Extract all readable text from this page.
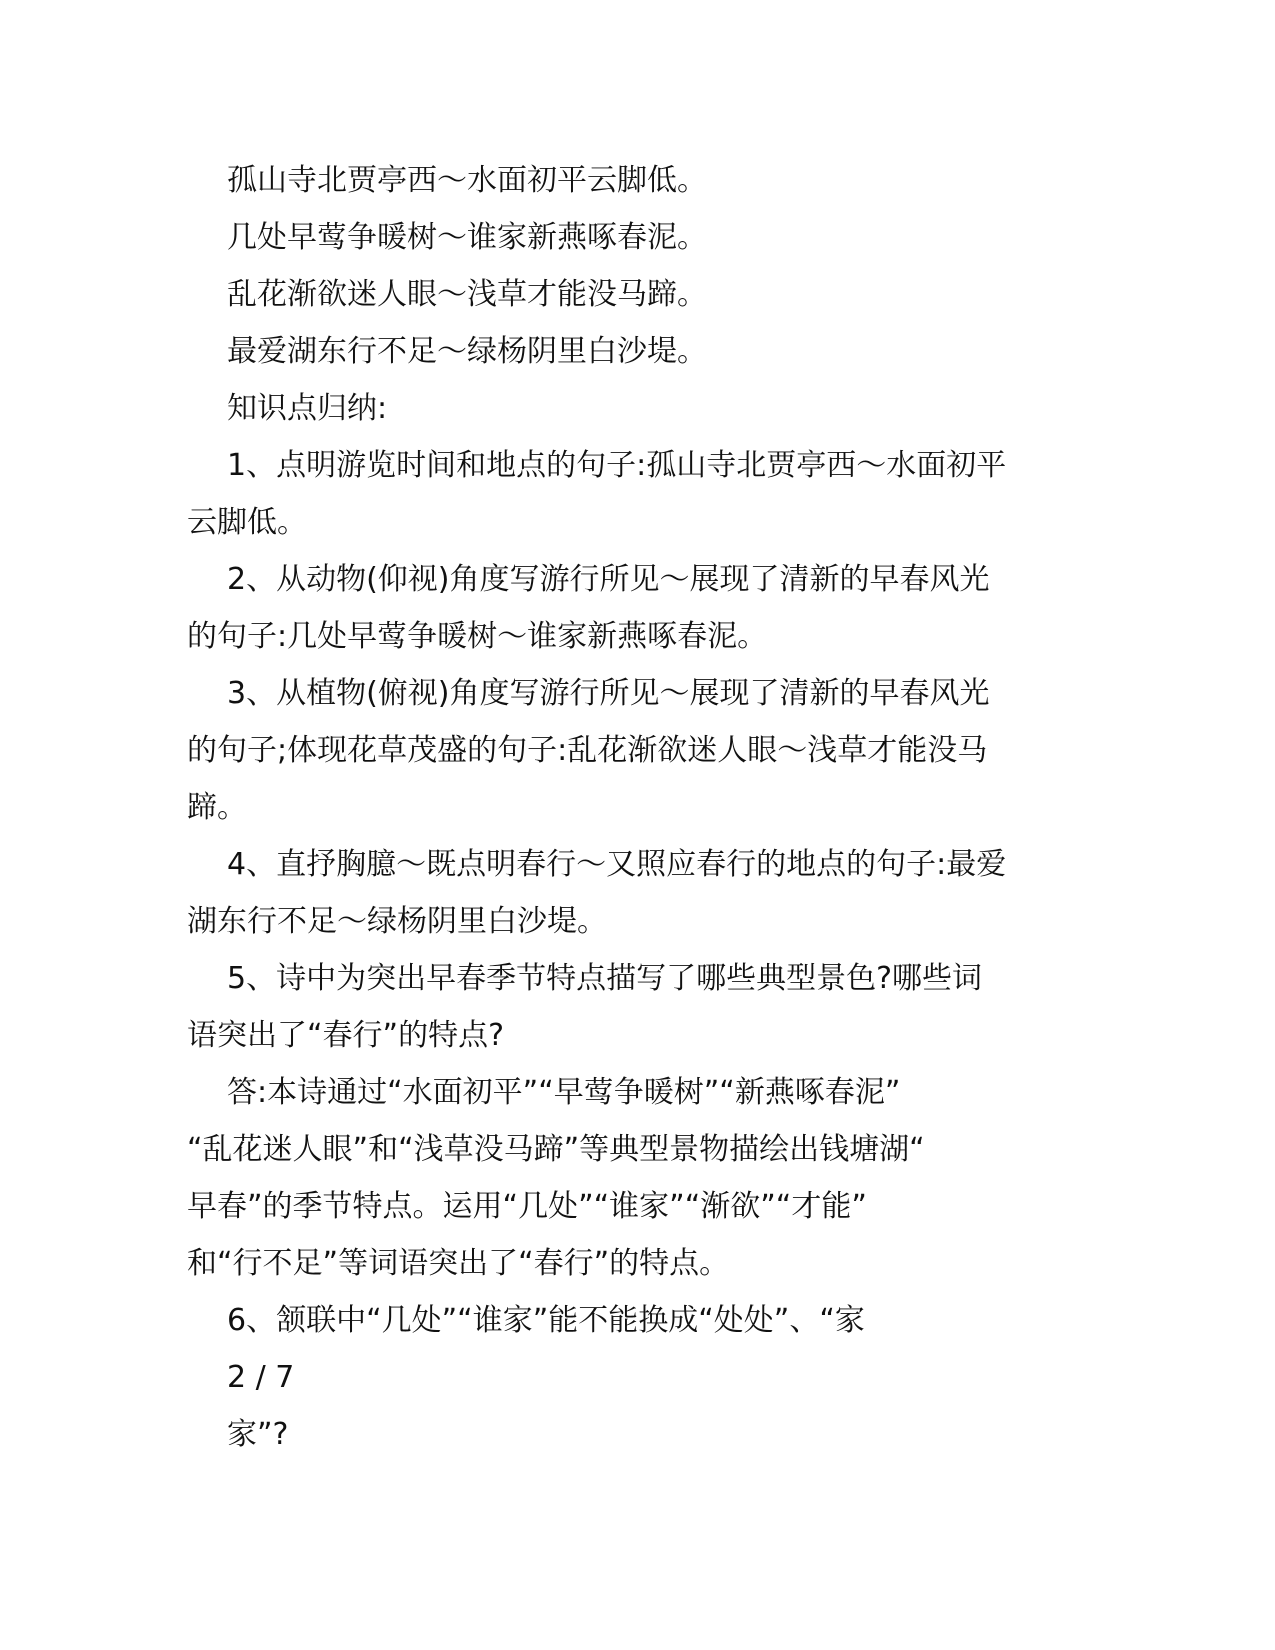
孤山寺北贾亭西～水面初平云脚低。
几处早莺争暖树～谁家新燕啄春泥。
乱花渐欲迷人眼～浅草才能没马蹄。
最爱湖东行不足～绿杨阴里白沙堤。
知识点归纳:
1、点明游览时间和地点的句子:孤山寺北贾亭西～水面初平
云脚低。
2、从动物(仰视)角度写游行所见～展现了清新的早春风光
的句子:几处早莺争暖树～谁家新燕啄春泥。
3、从植物(俯视)角度写游行所见～展现了清新的早春风光
的句子;体现花草茂盛的句子:乱花渐欲迷人眼～浅草才能没马
蹄。
4、直抒胸臆～既点明春行～又照应春行的地点的句子:最爱
湖东行不足～绿杨阴里白沙堤。
5、诗中为突出早春季节特点描写了哪些典型景色?哪些词
语突出了“春行”的特点?
答:本诗通过“水面初平”“早莺争暖树”“新燕啄春泥”
“乱花迷人眼”和“浅草没马蹄”等典型景物描绘出钱塘湖“
早春”的季节特点。运用“几处”“谁家”“渐欲”“才能”
和“行不足”等词语突出了“春行”的特点。
6、颔联中“几处”“谁家”能不能换成“处处”、“家
2 / 7
家”?
